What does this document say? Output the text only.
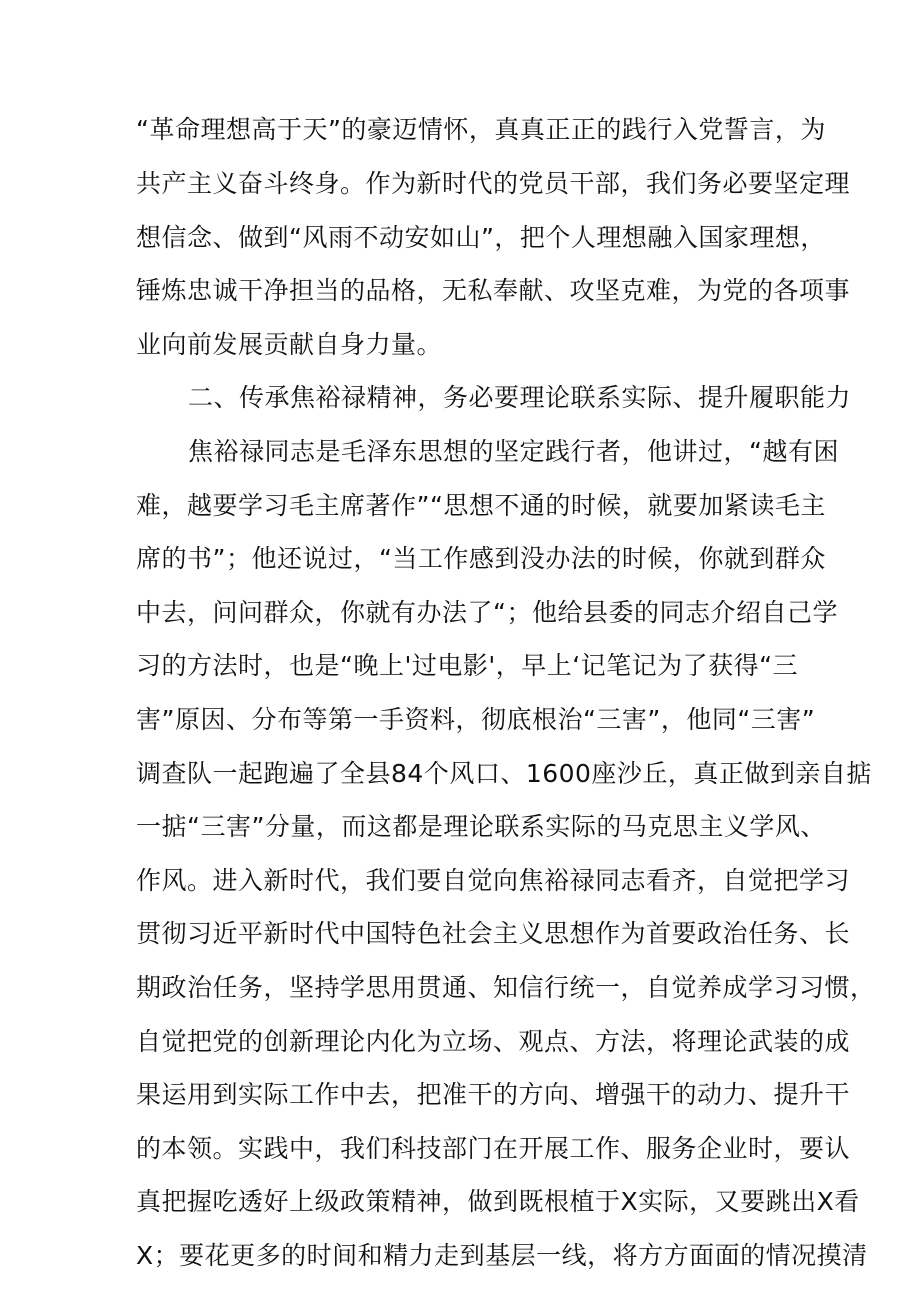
“革命理想高于天”的豪迈情怀，真真正正的践行入党誓言，为
共产主义奋斗终身。作为新时代的党员干部，我们务必要坚定理
想信念、做到“风雨不动安如山”，把个人理想融入国家理想，
锤炼忠诚干净担当的品格，无私奉献、攻坚克难，为党的各项事
业向前发展贡献自身力量。
二、传承焦裕禄精神，务必要理论联系实际、提升履职能力
焦裕禄同志是毛泽东思想的坚定践行者，他讲过，“越有困
难，越要学习毛主席著作”“思想不通的时候，就要加紧读毛主
席的书”；他还说过，“当工作感到没办法的时候，你就到群众
中去，问问群众，你就有办法了“；他给县委的同志介绍自己学
习的方法时，也是“晚上'过电影'，早上‘记笔记为了获得“三
害”原因、分布等第一手资料，彻底根治“三害”，他同“三害”
调查队一起跑遍了全县84个风口、1600座沙丘，真正做到亲自掂
一掂“三害”分量，而这都是理论联系实际的马克思主义学风、
作风。进入新时代，我们要自觉向焦裕禄同志看齐，自觉把学习
贯彻习近平新时代中国特色社会主义思想作为首要政治任务、长
期政治任务，坚持学思用贯通、知信行统一，自觉养成学习习惯，
自觉把党的创新理论内化为立场、观点、方法，将理论武装的成
果运用到实际工作中去，把准干的方向、增强干的动力、提升干
的本领。实践中，我们科技部门在开展工作、服务企业时，要认
真把握吃透好上级政策精神，做到既根植于X实际，又要跳出X看
X；要花更多的时间和精力走到基层一线，将方方面面的情况摸清
